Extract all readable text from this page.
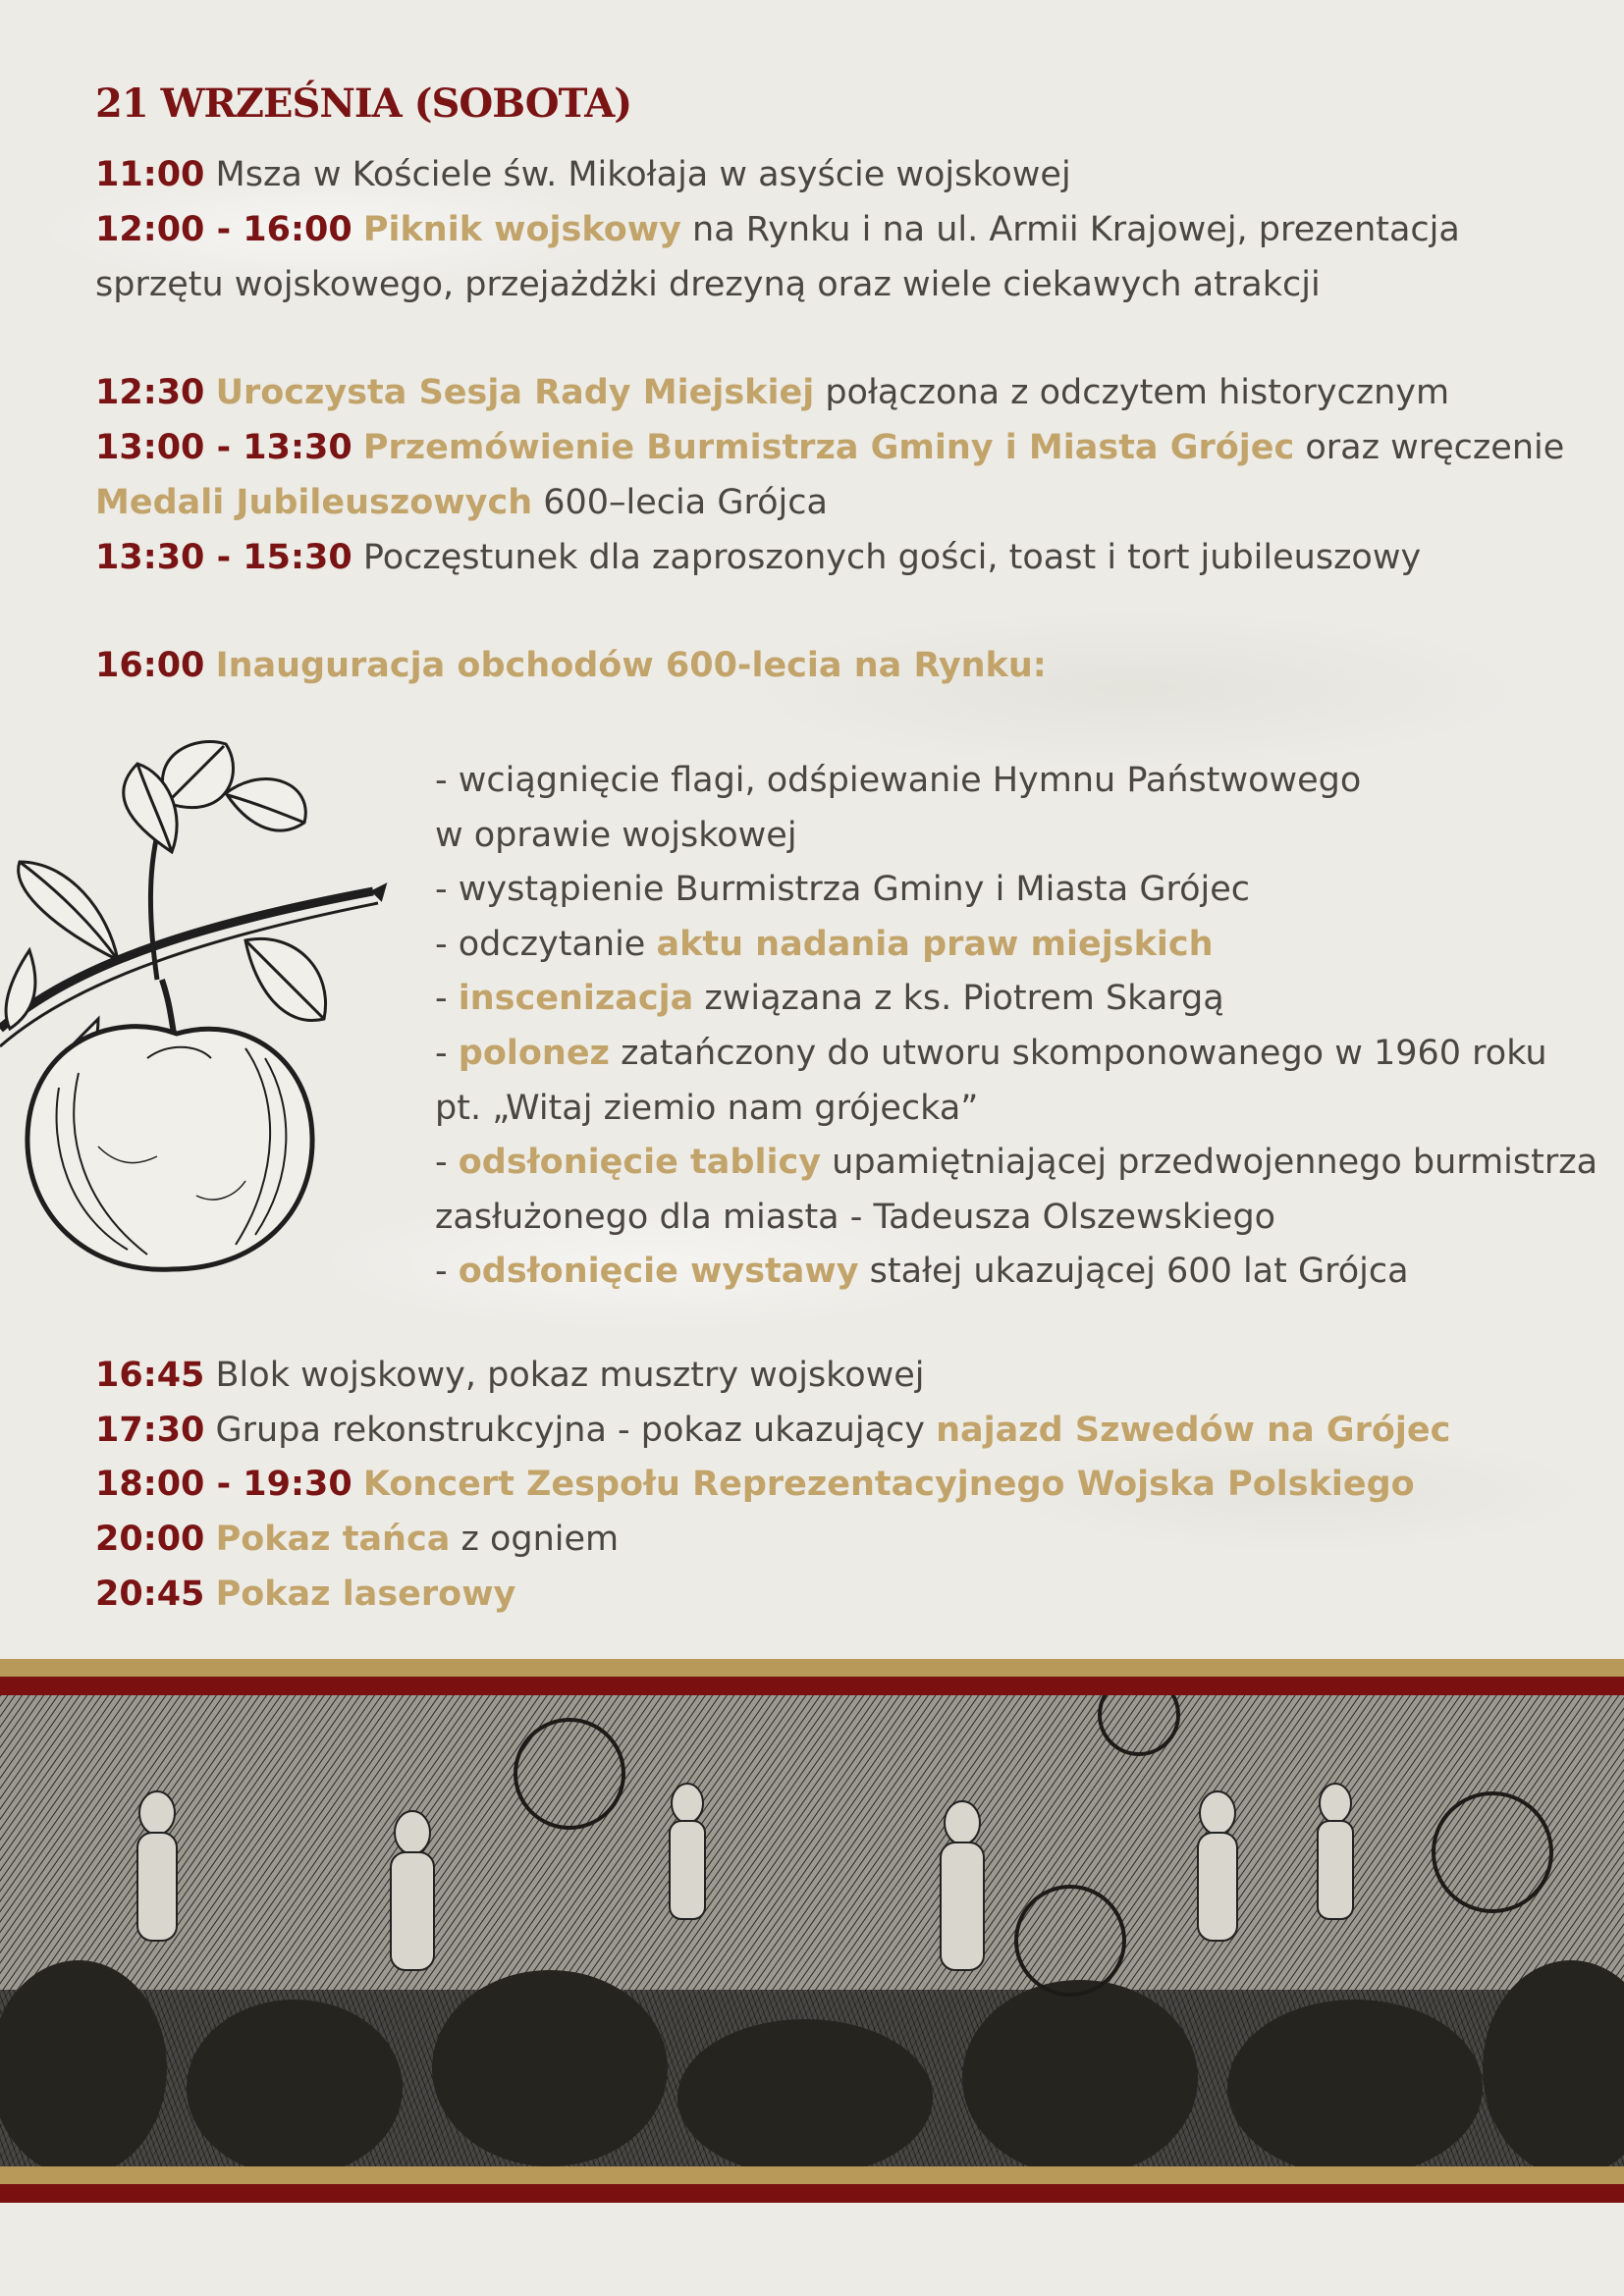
21 WRZEŚNIA (SOBOTA)
11:00 Msza w Kościele św. Mikołaja w asyście wojskowej
12:00 - 16:00 Piknik wojskowy na Rynku i na ul. Armii Krajowej, prezentacja
sprzętu wojskowego, przejażdżki drezyną oraz wiele ciekawych atrakcji
12:30 Uroczysta Sesja Rady Miejskiej połączona z odczytem historycznym
13:00 - 13:30 Przemówienie Burmistrza Gminy i Miasta Grójec oraz wręczenie
Medali Jubileuszowych 600–lecia Grójca
13:30 - 15:30 Poczęstunek dla zaproszonych gości, toast i tort jubileuszowy
16:00 Inauguracja obchodów 600-lecia na Rynku:
- wciągnięcie flagi, odśpiewanie Hymnu Państwowego
w oprawie wojskowej
- wystąpienie Burmistrza Gminy i Miasta Grójec
- odczytanie aktu nadania praw miejskich
- inscenizacja związana z ks. Piotrem Skargą
- polonez zatańczony do utworu skomponowanego w 1960 roku
pt. „Witaj ziemio nam grójecka”
- odsłonięcie tablicy upamiętniającej przedwojennego burmistrza
zasłużonego dla miasta - Tadeusza Olszewskiego
- odsłonięcie wystawy stałej ukazującej 600 lat Grójca
16:45 Blok wojskowy, pokaz musztry wojskowej
17:30 Grupa rekonstrukcyjna - pokaz ukazujący najazd Szwedów na Grójec
18:00 - 19:30 Koncert Zespołu Reprezentacyjnego Wojska Polskiego
20:00 Pokaz tańca z ogniem
20:45 Pokaz laserowy
